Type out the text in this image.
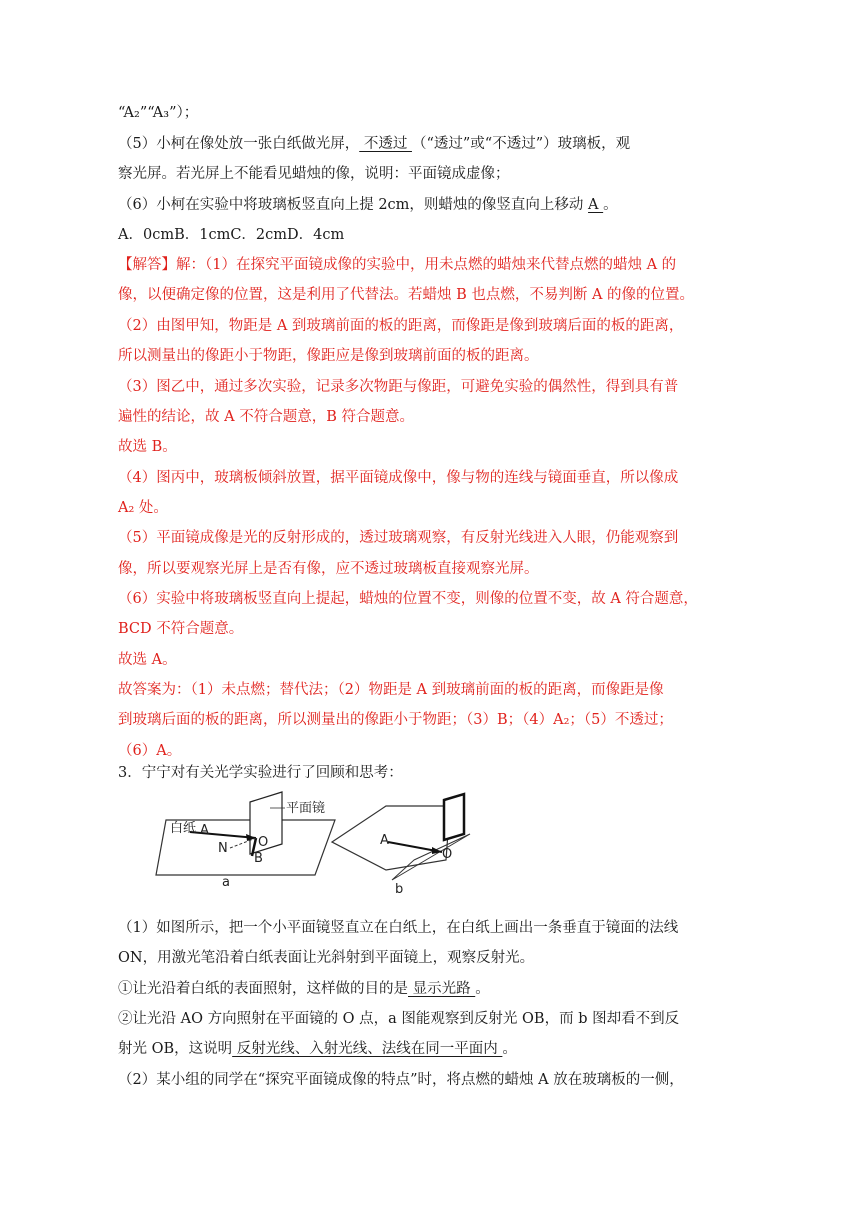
“A₂”“A₃”）；
（5）小柯在像处放一张白纸做光屏， 不透过 （“透过”或“不透过”）玻璃板，观
察光屏。若光屏上不能看见蜡烛的像，说明：平面镜成虚像；
（6）小柯在实验中将玻璃板竖直向上提 2cm，则蜡烛的像竖直向上移动 A 。
A．0cmB．1cmC．2cmD．4cm
【解答】解：（1）在探究平面镜成像的实验中，用未点燃的蜡烛来代替点燃的蜡烛 A 的
像，以便确定像的位置，这是利用了代替法。若蜡烛 B 也点燃，不易判断 A 的像的位置。
（2）由图甲知，物距是 A 到玻璃前面的板的距离，而像距是像到玻璃后面的板的距离，
所以测量出的像距小于物距，像距应是像到玻璃前面的板的距离。
（3）图乙中，通过多次实验，记录多次物距与像距，可避免实验的偶然性，得到具有普
遍性的结论，故 A 不符合题意，B 符合题意。
故选 B。
（4）图丙中，玻璃板倾斜放置，据平面镜成像中，像与物的连线与镜面垂直，所以像成
A₂ 处。
（5）平面镜成像是光的反射形成的，透过玻璃观察，有反射光线进入人眼，仍能观察到
像，所以要观察光屏上是否有像，应不透过玻璃板直接观察光屏。
（6）实验中将玻璃板竖直向上提起，蜡烛的位置不变，则像的位置不变，故 A 符合题意，
BCD 不符合题意。
故选 A。
故答案为：（1）未点燃；替代法；（2）物距是 A 到玻璃前面的板的距离，而像距是像
到玻璃后面的板的距离，所以测量出的像距小于物距；（3）B；（4）A₂；（5）不透过；
（6）A。
3．宁宁对有关光学实验进行了回顾和思考：
平面镜
白纸 A
O
N
B
a
A
O
b
（1）如图所示，把一个小平面镜竖直立在白纸上，在白纸上画出一条垂直于镜面的法线
ON，用激光笔沿着白纸表面让光斜射到平面镜上，观察反射光。
①让光沿着白纸的表面照射，这样做的目的是 显示光路 。
②让光沿 AO 方向照射在平面镜的 O 点，a 图能观察到反射光 OB，而 b 图却看不到反
射光 OB，这说明 反射光线、入射光线、法线在同一平面内 。
（2）某小组的同学在“探究平面镜成像的特点”时，将点燃的蜡烛 A 放在玻璃板的一侧，
